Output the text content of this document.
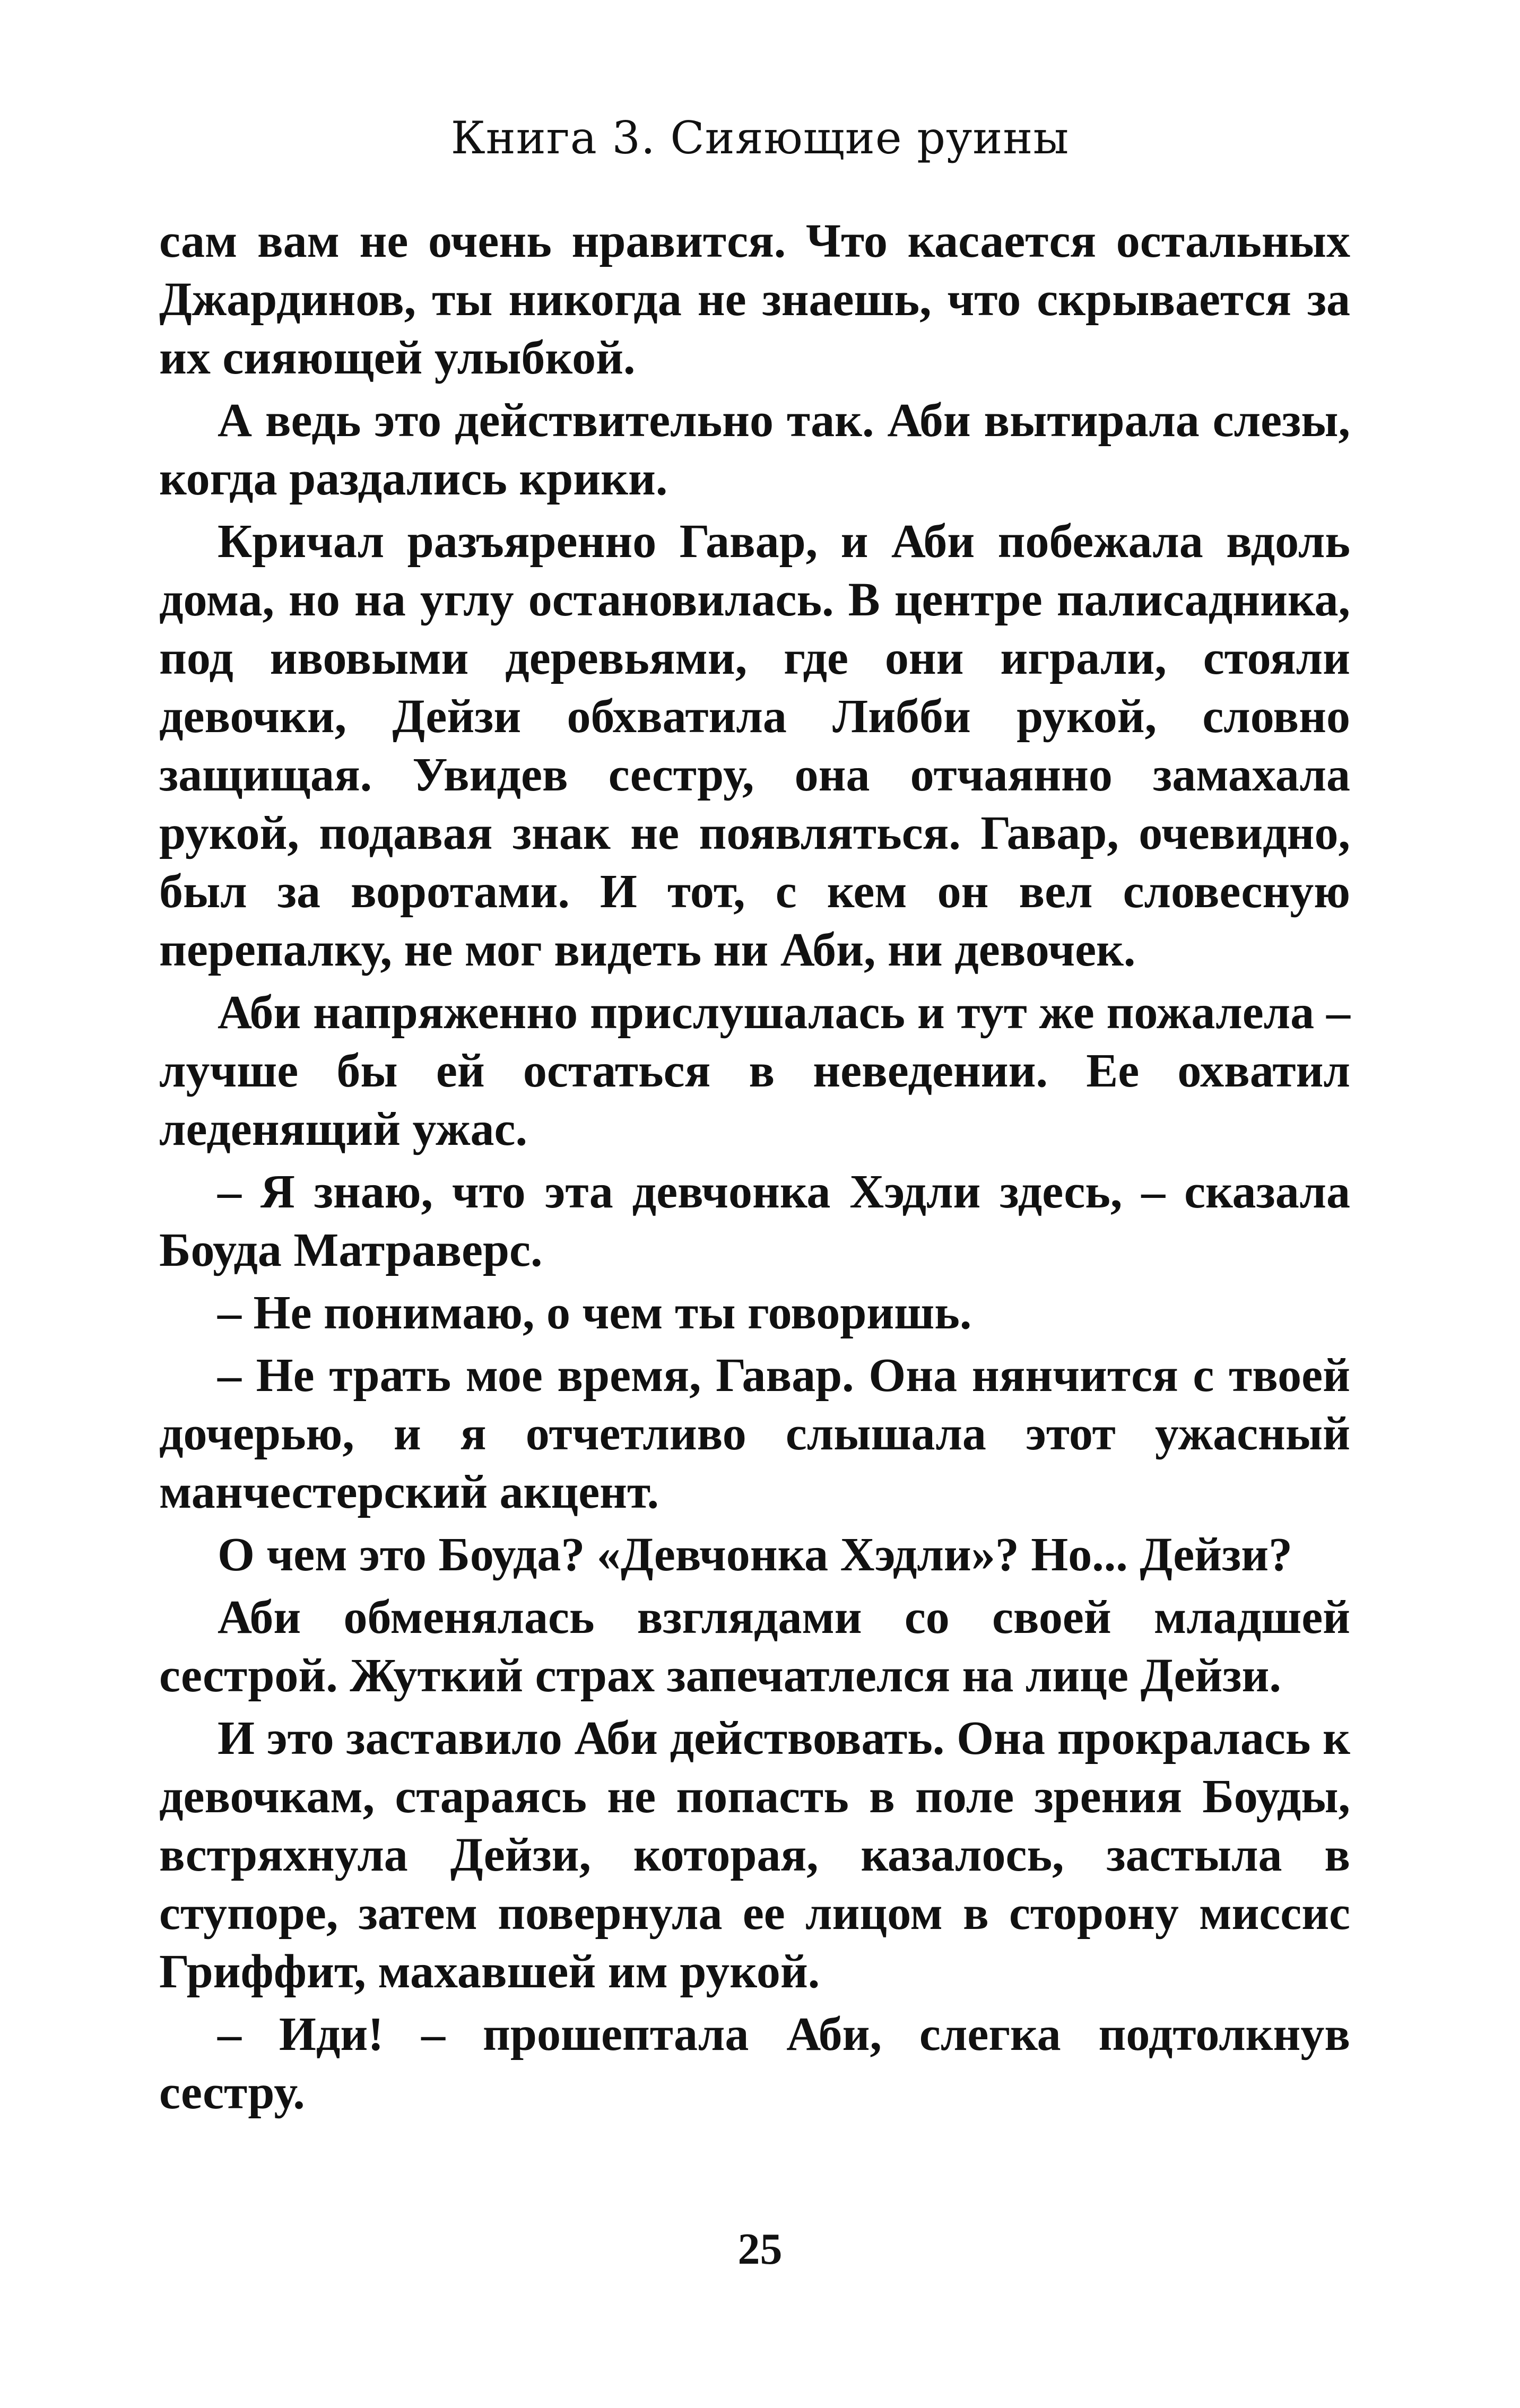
Книга 3. Сияющие руины

сам вам не очень нравится. Что касается остальных Джардинов, ты никогда не знаешь, что скрывается за их сияющей улыбкой.

А ведь это действительно так. Аби вытирала слезы, когда раздались крики.

Кричал разъяренно Гавар, и Аби побежала вдоль дома, но на углу остановилась. В центре палисадника, под ивовыми деревьями, где они играли, стояли девочки, Дейзи обхватила Либби рукой, словно защищая. Увидев сестру, она отчаянно замахала рукой, подавая знак не появляться. Гавар, очевидно, был за воротами. И тот, с кем он вел словесную перепалку, не мог видеть ни Аби, ни девочек.

Аби напряженно прислушалась и тут же пожалела – лучше бы ей остаться в неведении. Ее охватил леденящий ужас.

– Я знаю, что эта девчонка Хэдли здесь, – сказала Боуда Матраверс.

– Не понимаю, о чем ты говоришь.

– Не трать мое время, Гавар. Она нянчится с твоей дочерью, и я отчетливо слышала этот ужасный манчестерский акцент.

О чем это Боуда? «Девчонка Хэдли»? Но... Дейзи?

Аби обменялась взглядами со своей младшей сестрой. Жуткий страх запечатлелся на лице Дейзи.

И это заставило Аби действовать. Она прокралась к девочкам, стараясь не попасть в поле зрения Боуды, встряхнула Дейзи, которая, казалось, застыла в ступоре, затем повернула ее лицом в сторону миссис Гриффит, махавшей им рукой.

– Иди! – прошептала Аби, слегка подтолкнув сестру.

25
